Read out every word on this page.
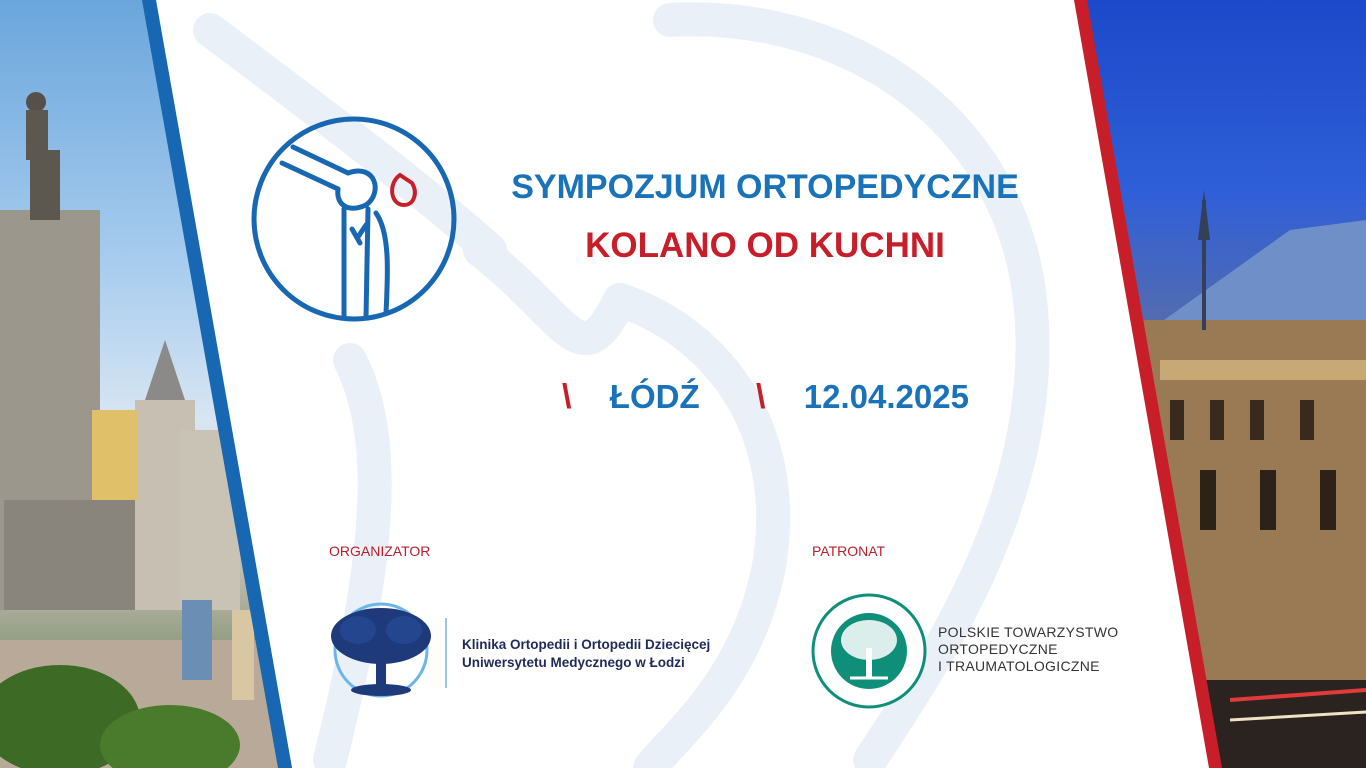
SYMPOZJUM ORTOPEDYCZNE
KOLANO OD KUCHNI
\ ŁÓDŹ \ 12.04.2025
ORGANIZATOR
Klinika Ortopedii i Ortopedii Dziecięcej
Uniwersytetu Medycznego w Łodzi
PATRONAT
POLSKIE TOWARZYSTWO
ORTOPEDYCZNE
I TRAUMATOLOGICZNE
